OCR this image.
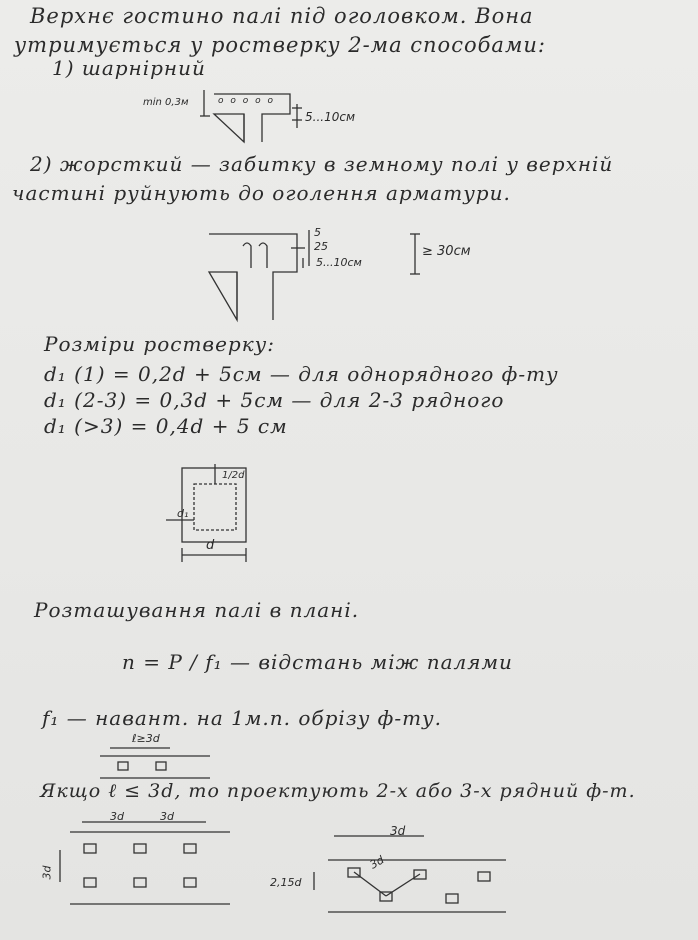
Верхнє гостинo палі під оголовком. Вона
утримується у ростверку 2-ма способами:
1) шарнірний
min 0,3м	o o o o o
5...10см
2) жорсткий — забитку в земному полі у верхній
частині руйнують до оголення арматури.
5
25
5...10см
≥ 30см
Розміри ростверку:
d₁ (1) = 0,2d + 5см — для однорядного ф-ту
d₁ (2-3) = 0,3d + 5см — для 2-3 рядного
d₁ (>3) = 0,4d + 5 см
1/2d
d₁
d
Розташування палі в плані.
n = P / f₁ — відстань між палями
f₁ — навант. на 1м.п. обрізу ф-ту.
ℓ≥3d
Якщо ℓ ≤ 3d, то проектують 2-х або 3-х рядний ф-т.
3d	3d
3d
3d
3d
2,15d
